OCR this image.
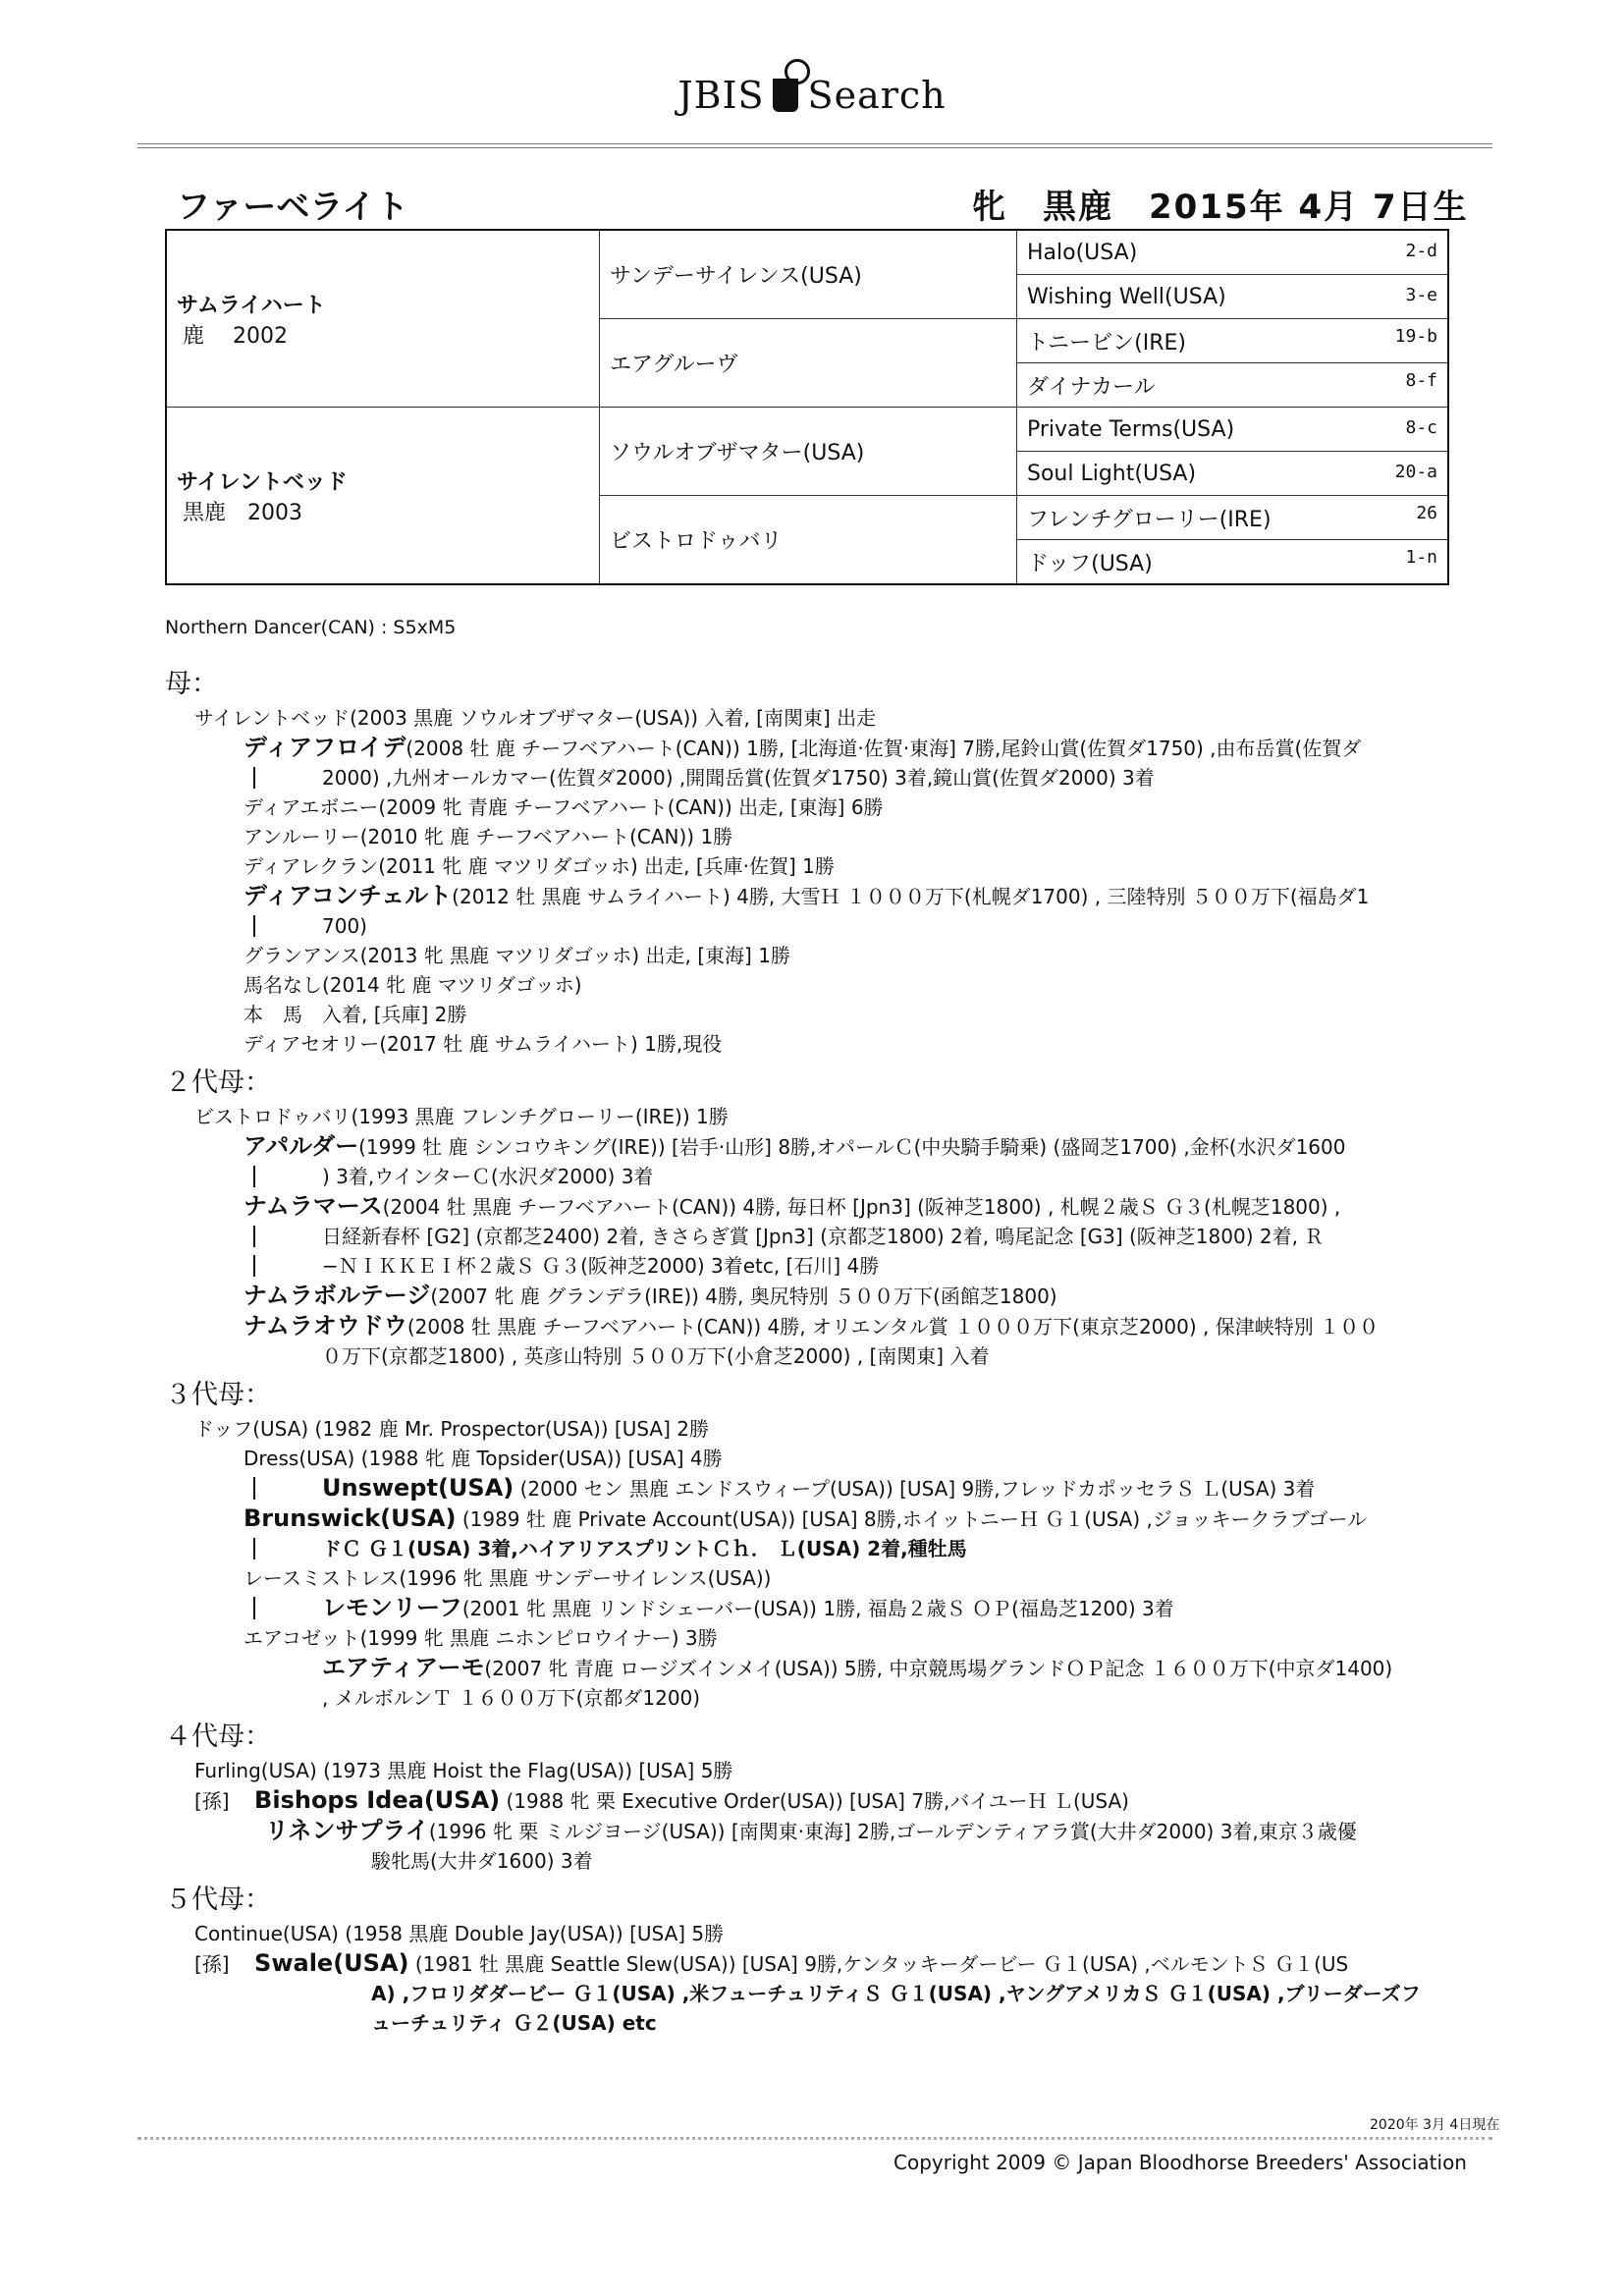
JBIS Search
ファーベライト	牝　黒鹿　2015年 4月 7日生
サムライハート
鹿　 2002	サンデーサイレンス(USA)	Halo(USA) 2-d

		Wishing Well(USA) 3-e

	エアグルーヴ	トニービン(IRE) 19-b

		ダイナカール 8-f

サイレントベッド
黒鹿　2003	ソウルオブザマター(USA)	Private Terms(USA) 8-c

		Soul Light(USA) 20-a

	ビストロドゥバリ	フレンチグローリー(IRE) 26

		ドッフ(USA) 1-n
Northern Dancer(CAN) : S5xM5
母：
サイレントベッド(2003 黒鹿 ソウルオブザマター(USA)) 入着, [南関東] 出走
ディアフロイデ(2008 牡 鹿 チーフベアハート(CAN)) 1勝, [北海道·佐賀·東海] 7勝,尾鈴山賞(佐賀ダ1750) ,由布岳賞(佐賀ダ
2000) ,九州オールカマー(佐賀ダ2000) ,開聞岳賞(佐賀ダ1750) 3着,鏡山賞(佐賀ダ2000) 3着
ディアエボニー(2009 牝 青鹿 チーフベアハート(CAN)) 出走, [東海] 6勝
アンルーリー(2010 牝 鹿 チーフベアハート(CAN)) 1勝
ディアレクラン(2011 牝 鹿 マツリダゴッホ) 出走, [兵庫·佐賀] 1勝
ディアコンチェルト(2012 牡 黒鹿 サムライハート) 4勝, 大雪Ｈ １０００万下(札幌ダ1700) , 三陸特別 ５００万下(福島ダ1
700)
グランアンス(2013 牝 黒鹿 マツリダゴッホ) 出走, [東海] 1勝
馬名なし(2014 牝 鹿 マツリダゴッホ)
本　馬　入着, [兵庫] 2勝
ディアセオリー(2017 牡 鹿 サムライハート) 1勝,現役
２代母：
ビストロドゥバリ(1993 黒鹿 フレンチグローリー(IRE)) 1勝
アパルダー(1999 牡 鹿 シンコウキング(IRE)) [岩手·山形] 8勝,オパールＣ(中央騎手騎乗) (盛岡芝1700) ,金杯(水沢ダ1600
) 3着,ウインターＣ(水沢ダ2000) 3着
ナムラマース(2004 牡 黒鹿 チーフベアハート(CAN)) 4勝, 毎日杯 [Jpn3] (阪神芝1800) , 札幌２歳Ｓ Ｇ３(札幌芝1800) ,
日経新春杯 [G2] (京都芝2400) 2着, きさらぎ賞 [Jpn3] (京都芝1800) 2着, 鳴尾記念 [G3] (阪神芝1800) 2着, Ｒ
−ＮＩＫＫＥＩ杯２歳Ｓ Ｇ３(阪神芝2000) 3着etc, [石川] 4勝
ナムラボルテージ(2007 牝 鹿 グランデラ(IRE)) 4勝, 奥尻特別 ５００万下(函館芝1800)
ナムラオウドウ(2008 牡 黒鹿 チーフベアハート(CAN)) 4勝, オリエンタル賞 １０００万下(東京芝2000) , 保津峡特別 １００
０万下(京都芝1800) , 英彦山特別 ５００万下(小倉芝2000) , [南関東] 入着
３代母：
ドッフ(USA) (1982 鹿 Mr. Prospector(USA)) [USA] 2勝
Dress(USA) (1988 牝 鹿 Topsider(USA)) [USA] 4勝
Unswept(USA) (2000 セン 黒鹿 エンドスウィープ(USA)) [USA] 9勝,フレッドカポッセラＳ Ｌ(USA) 3着
Brunswick(USA) (1989 牡 鹿 Private Account(USA)) [USA] 8勝,ホイットニーＨ Ｇ１(USA) ,ジョッキークラブゴール
ドＣ Ｇ１(USA) 3着,ハイアリアスプリントＣｈ． Ｌ(USA) 2着,種牡馬
レースミストレス(1996 牝 黒鹿 サンデーサイレンス(USA))
レモンリーフ(2001 牝 黒鹿 リンドシェーバー(USA)) 1勝, 福島２歳Ｓ ＯＰ(福島芝1200) 3着
エアコゼット(1999 牝 黒鹿 ニホンピロウイナー) 3勝
エアティアーモ(2007 牝 青鹿 ロージズインメイ(USA)) 5勝, 中京競馬場グランドＯＰ記念 １６００万下(中京ダ1400)
, メルボルンＴ １６００万下(京都ダ1200)
４代母：
Furling(USA) (1973 黒鹿 Hoist the Flag(USA)) [USA] 5勝
[孫] Bishops Idea(USA) (1988 牝 栗 Executive Order(USA)) [USA] 7勝,バイユーＨ Ｌ(USA)
リネンサプライ(1996 牝 栗 ミルジヨージ(USA)) [南関東·東海] 2勝,ゴールデンティアラ賞(大井ダ2000) 3着,東京３歳優
駿牝馬(大井ダ1600) 3着
５代母：
Continue(USA) (1958 黒鹿 Double Jay(USA)) [USA] 5勝
[孫] Swale(USA) (1981 牡 黒鹿 Seattle Slew(USA)) [USA] 9勝,ケンタッキーダービー Ｇ１(USA) ,ベルモントＳ Ｇ１(US
A) ,フロリダダービー Ｇ１(USA) ,米フューチュリティＳ Ｇ１(USA) ,ヤングアメリカＳ Ｇ１(USA) ,ブリーダーズフ
ューチュリティ Ｇ２(USA) etc
2020年 3月 4日現在
Copyright 2009 © Japan Bloodhorse Breeders' Association
